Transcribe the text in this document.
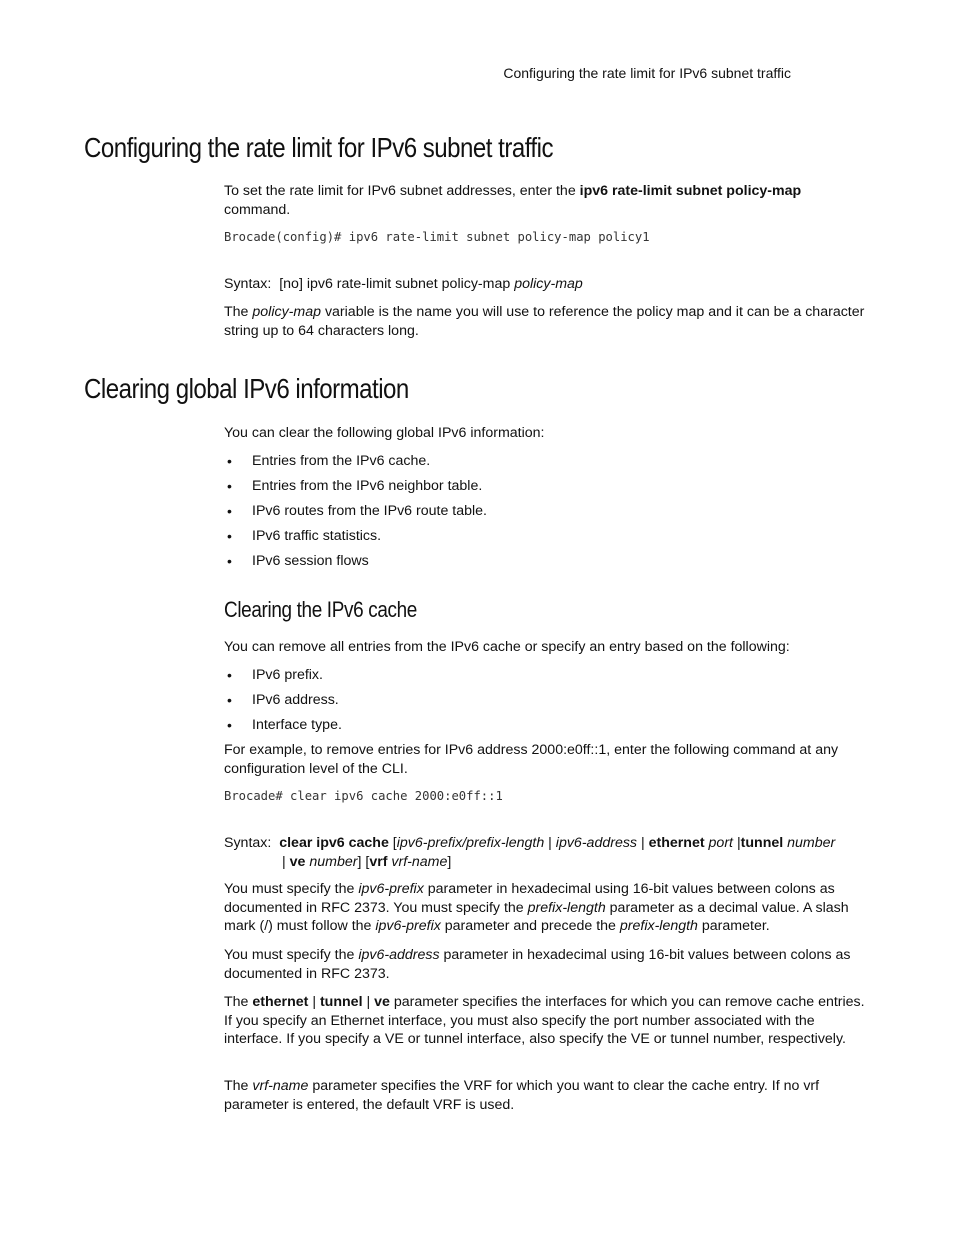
Configuring the rate limit for IPv6 subnet traffic
Configuring the rate limit for IPv6 subnet traffic

To set the rate limit for IPv6 subnet addresses, enter the ipv6 rate-limit subnet policy-map
command.

Brocade(config)# ipv6 rate-limit subnet policy-map policy1

Syntax: [no] ipv6 rate-limit subnet policy-map policy-map

The policy-map variable is the name you will use to reference the policy map and it can be a character string up to 64 characters long.

Clearing global IPv6 information

You can clear the following global IPv6 information:

• Entries from the IPv6 cache.
• Entries from the IPv6 neighbor table.
• IPv6 routes from the IPv6 route table.
• IPv6 traffic statistics.
• IPv6 session flows
Clearing the IPv6 cache

You can remove all entries from the IPv6 cache or specify an entry based on the following:

• IPv6 prefix.
• IPv6 address.
• Interface type.

For example, to remove entries for IPv6 address 2000:e0ff::1, enter the following command at any configuration level of the CLI.

Brocade# clear ipv6 cache 2000:e0ff::1

Syntax: clear ipv6 cache [ipv6-prefix/prefix-length | ipv6-address | ethernet port |tunnel number

| ve number] [vrf vrf-name]

You must specify the ipv6-prefix parameter in hexadecimal using 16-bit values between colons as documented in RFC 2373. You must specify the prefix-length parameter as a decimal value. A slash mark (/) must follow the ipv6-prefix parameter and precede the prefix-length parameter.

You must specify the ipv6-address parameter in hexadecimal using 16-bit values between colons as documented in RFC 2373.

The ethernet | tunnel | ve parameter specifies the interfaces for which you can remove cache entries. If you specify an Ethernet interface, you must also specify the port number associated with the interface. If you specify a VE or tunnel interface, also specify the VE or tunnel number, respectively.

The vrf-name parameter specifies the VRF for which you want to clear the cache entry. If no vrf parameter is entered, the default VRF is used.
